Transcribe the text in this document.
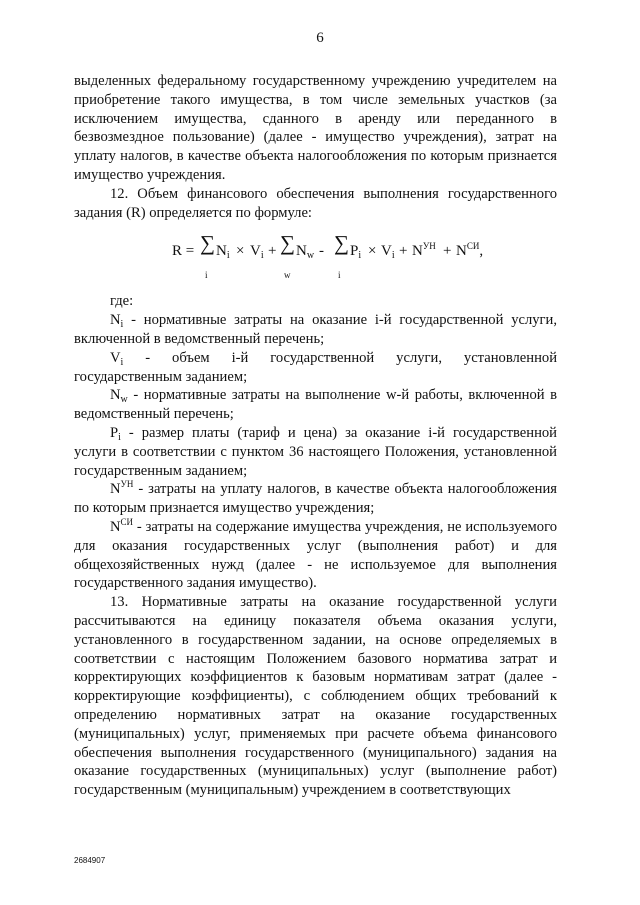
6

выделенных федеральному государственному учреждению учредителем на приобретение такого имущества, в том числе земельных участков (за исключением имущества, сданного в аренду или переданного в безвозмездное пользование) (далее - имущество учреждения), затрат на уплату налогов, в качестве объекта налогообложения по которым признается имущество учреждения.

12. Объем финансового обеспечения выполнения государственного задания (R) определяется по формуле:

R = ∑
i
$N_i \times V_i$ + ∑
w
$N_w$ - ∑
i
$P_i \times V_i + N^{УН} + N^{СИ}$,

где:

$N_i$ - нормативные затраты на оказание i-й государственной услуги, включенной в ведомственный перечень;

$V_i$ - объем i-й государственной услуги, установленной государственным заданием;

$N_w$ - нормативные затраты на выполнение w-й работы, включенной в ведомственный перечень;

$P_i$ - размер платы (тариф и цена) за оказание i-й государственной услуги в соответствии с пунктом 36 настоящего Положения, установленной государственным заданием;

$N^{УН}$ - затраты на уплату налогов, в качестве объекта налогообложения по которым признается имущество учреждения;

$N^{СИ}$ - затраты на содержание имущества учреждения, не используемого для оказания государственных услуг (выполнения работ) и для общехозяйственных нужд (далее - не используемое для выполнения государственного задания имущество).

13. Нормативные затраты на оказание государственной услуги рассчитываются на единицу показателя объема оказания услуги, установленного в государственном задании, на основе определяемых в соответствии с настоящим Положением базового норматива затрат и корректирующих коэффициентов к базовым нормативам затрат (далее - корректирующие коэффициенты), с соблюдением общих требований к определению нормативных затрат на оказание государственных (муниципальных) услуг, применяемых при расчете объема финансового обеспечения выполнения государственного (муниципального) задания на оказание государственных (муниципальных) услуг (выполнение работ) государственным (муниципальным) учреждением в соответствующих

2684907
